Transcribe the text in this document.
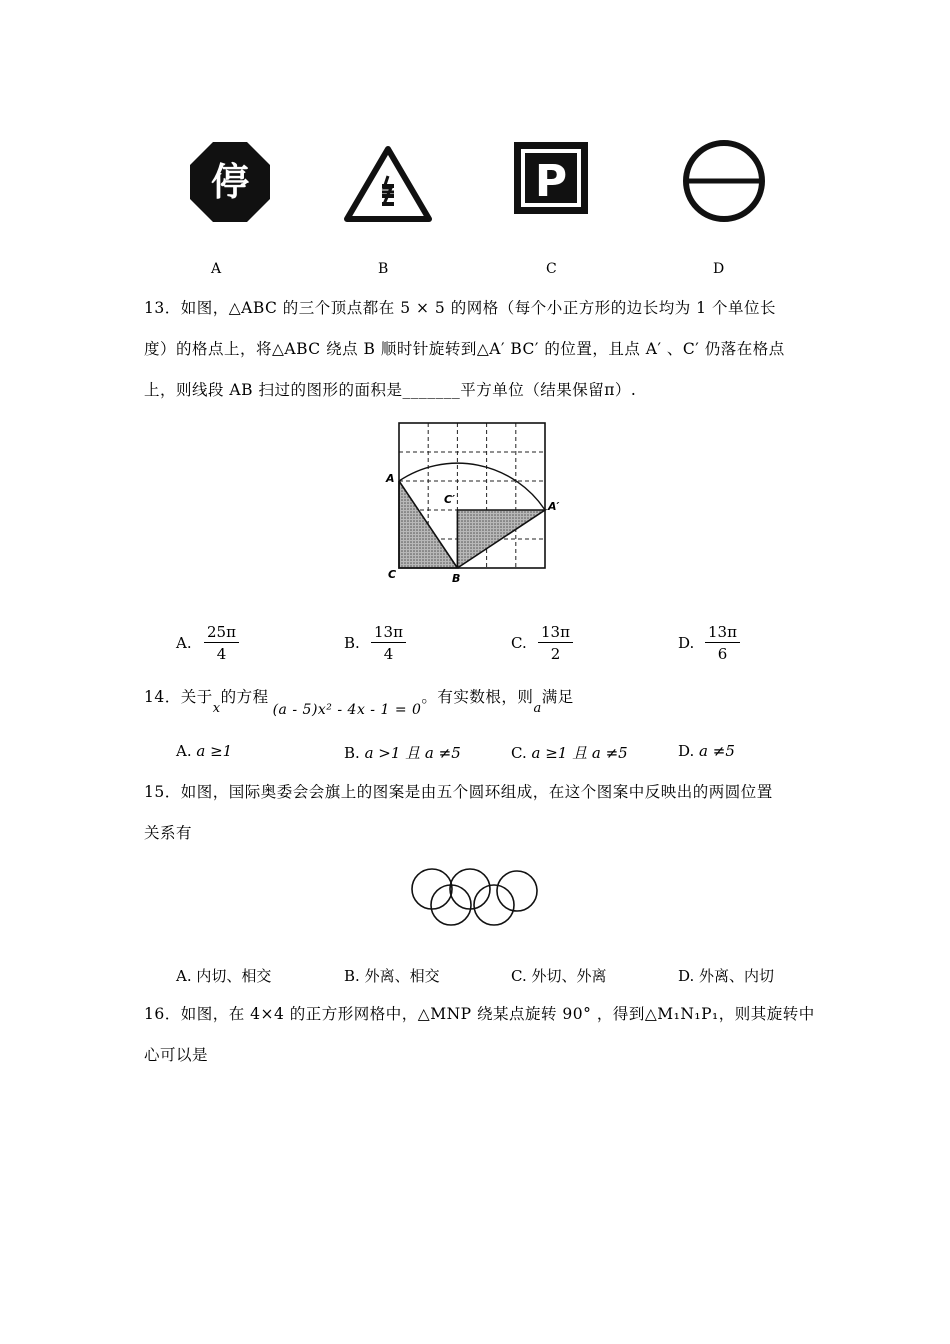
停	P
A	B	C	D
13．如图，△ABC 的三个顶点都在 5 × 5 的网格（每个小正方形的边长均为 1 个单位长
度）的格点上，将△ABC 绕点 B 顺时针旋转到△A′ BC′ 的位置，且点 A′ 、C′ 仍落在格点
上，则线段 AB 扫过的图形的面积是_______平方单位（结果保留π）.
A
A′
C′
B
C
A. $\frac{25\pi}{4}$	B. $\frac{13\pi}{4}$	C. $\frac{13\pi}{2}$	D. $\frac{13\pi}{6}$
14．关于$_x$的方程(a - 5)x² - 4x - 1 = 0。有实数根，则$_a$满足
A. a ≥1	B. a >1 且 a ≠5	C. a ≥1 且 a ≠5	D. a ≠5
15．如图，国际奥委会会旗上的图案是由五个圆环组成，在这个图案中反映出的两圆位置
关系有
A. 内切、相交	B. 外离、相交	C. 外切、外离	D. 外离、内切
16．如图，在 4×4 的正方形网格中，△MNP 绕某点旋转 90° ，得到△M₁N₁P₁，则其旋转中
心可以是
